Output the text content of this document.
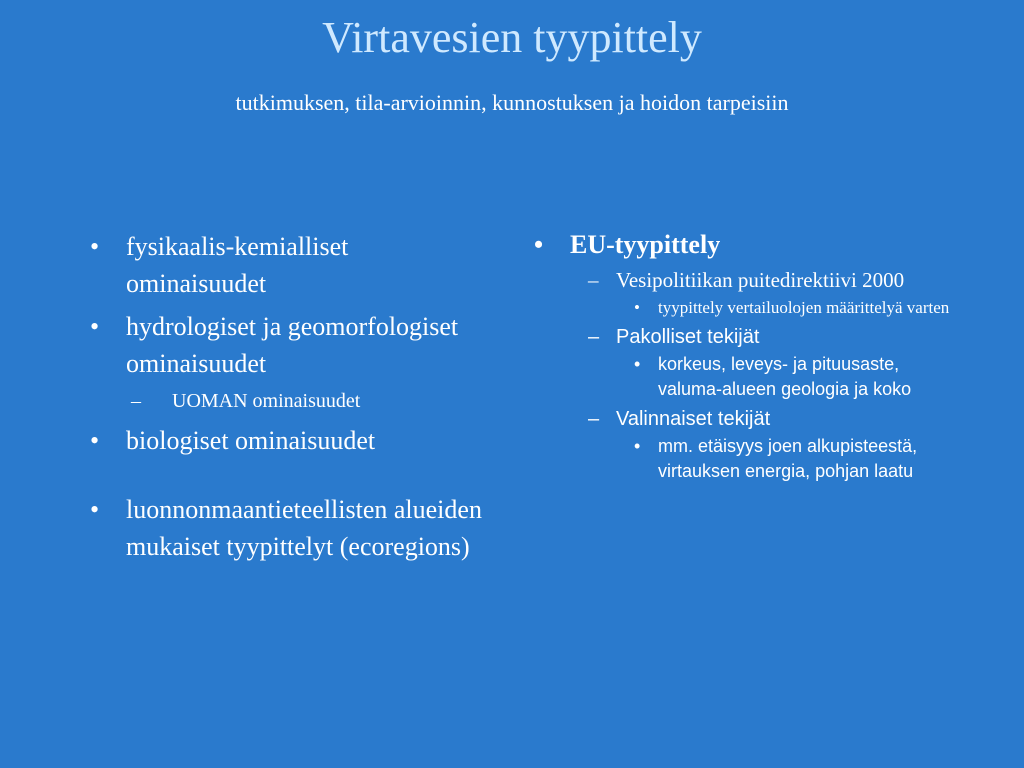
Virtavesien tyypittely
tutkimuksen, tila-arvioinnin, kunnostuksen ja hoidon tarpeisiin
• fysikaalis-kemialliset ominaisuudet
• hydrologiset ja geomorfologiset ominaisuudet
– UOMAN ominaisuudet
• biologiset ominaisuudet
• luonnonmaantieteellisten alueiden mukaiset tyypittelyt (ecoregions)
• EU-tyypittely
– Vesipolitiikan puitedirektiivi 2000
• tyypittely vertailuolojen määrittelyä varten
– Pakolliset tekijät
• korkeus, leveys- ja pituusaste, valuma-alueen geologia ja koko
– Valinnaiset tekijät
• mm. etäisyys joen alkupisteestä, virtauksen energia, pohjan laatu
